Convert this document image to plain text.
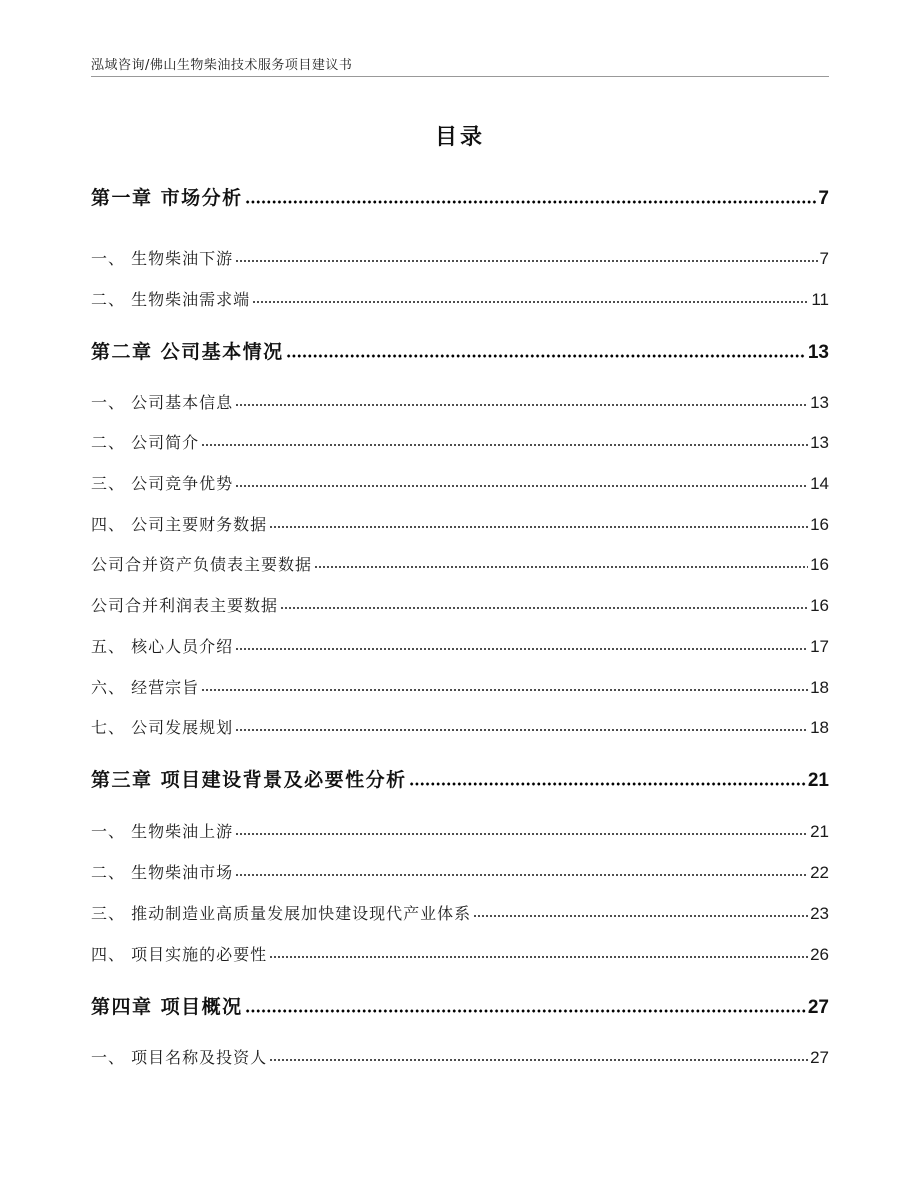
泓域咨询/佛山生物柴油技术服务项目建议书
目录
第一章 市场分析	7
一、 生物柴油下游	7
二、 生物柴油需求端	11
第二章 公司基本情况	13
一、 公司基本信息	13
二、 公司简介	13
三、 公司竞争优势	14
四、 公司主要财务数据	16
公司合并资产负债表主要数据	16
公司合并利润表主要数据	16
五、 核心人员介绍	17
六、 经营宗旨	18
七、 公司发展规划	18
第三章 项目建设背景及必要性分析	21
一、 生物柴油上游	21
二、 生物柴油市场	22
三、 推动制造业高质量发展加快建设现代产业体系	23
四、 项目实施的必要性	26
第四章 项目概况	27
一、 项目名称及投资人	27
